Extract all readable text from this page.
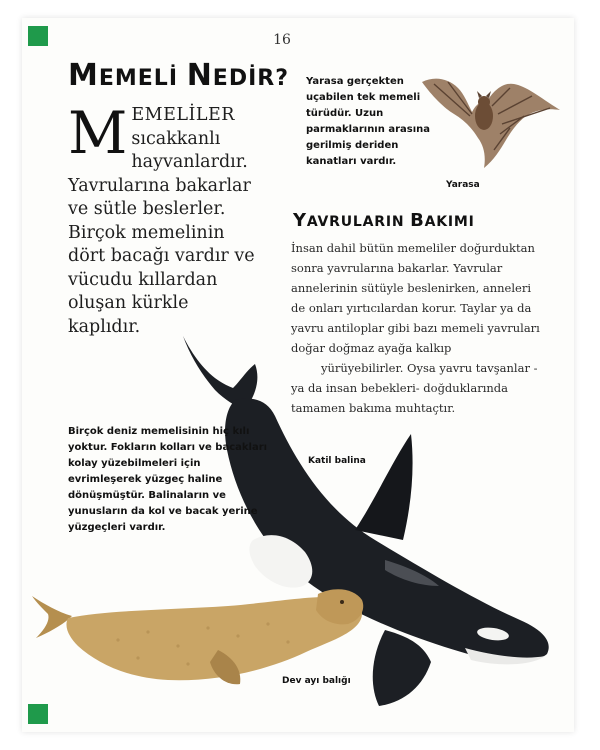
16
MEMELİ NEDİR?
M EMELİLER sıcakkanlı hayvanlardır. Yavrularına bakarlar ve sütle beslerler. Birçok memelinin dört bacağı vardır ve vücudu kıllardan oluşan kürkle kaplıdır.
Yarasa gerçekten uçabilen tek memeli türüdür. Uzun parmaklarının arasına gerilmiş deriden kanatları vardır.
Yarasa
YAVRULARIN BAKIMI
İnsan dahil bütün memeliler doğurduktan
sonra yavrularına bakarlar. Yavrular
annelerinin sütüyle beslenirken, anneleri
de onları yırtıcılardan korur. Taylar ya da
yavru antiloplar gibi bazı memeli yavruları
doğar doğmaz ayağa kalkıp
yürüyebilirler. Oysa yavru tavşanlar -
ya da insan bebekleri- doğduklarında
tamamen bakıma muhtaçtır.
Katil balina
Birçok deniz memelisinin hiç kılı yoktur. Fokların kolları ve bacakları kolay yüzebilmeleri için evrimleşerek yüzgeç haline dönüşmüştür. Balinaların ve yunusların da kol ve bacak yerine yüzgeçleri vardır.
Dev ayı balığı
